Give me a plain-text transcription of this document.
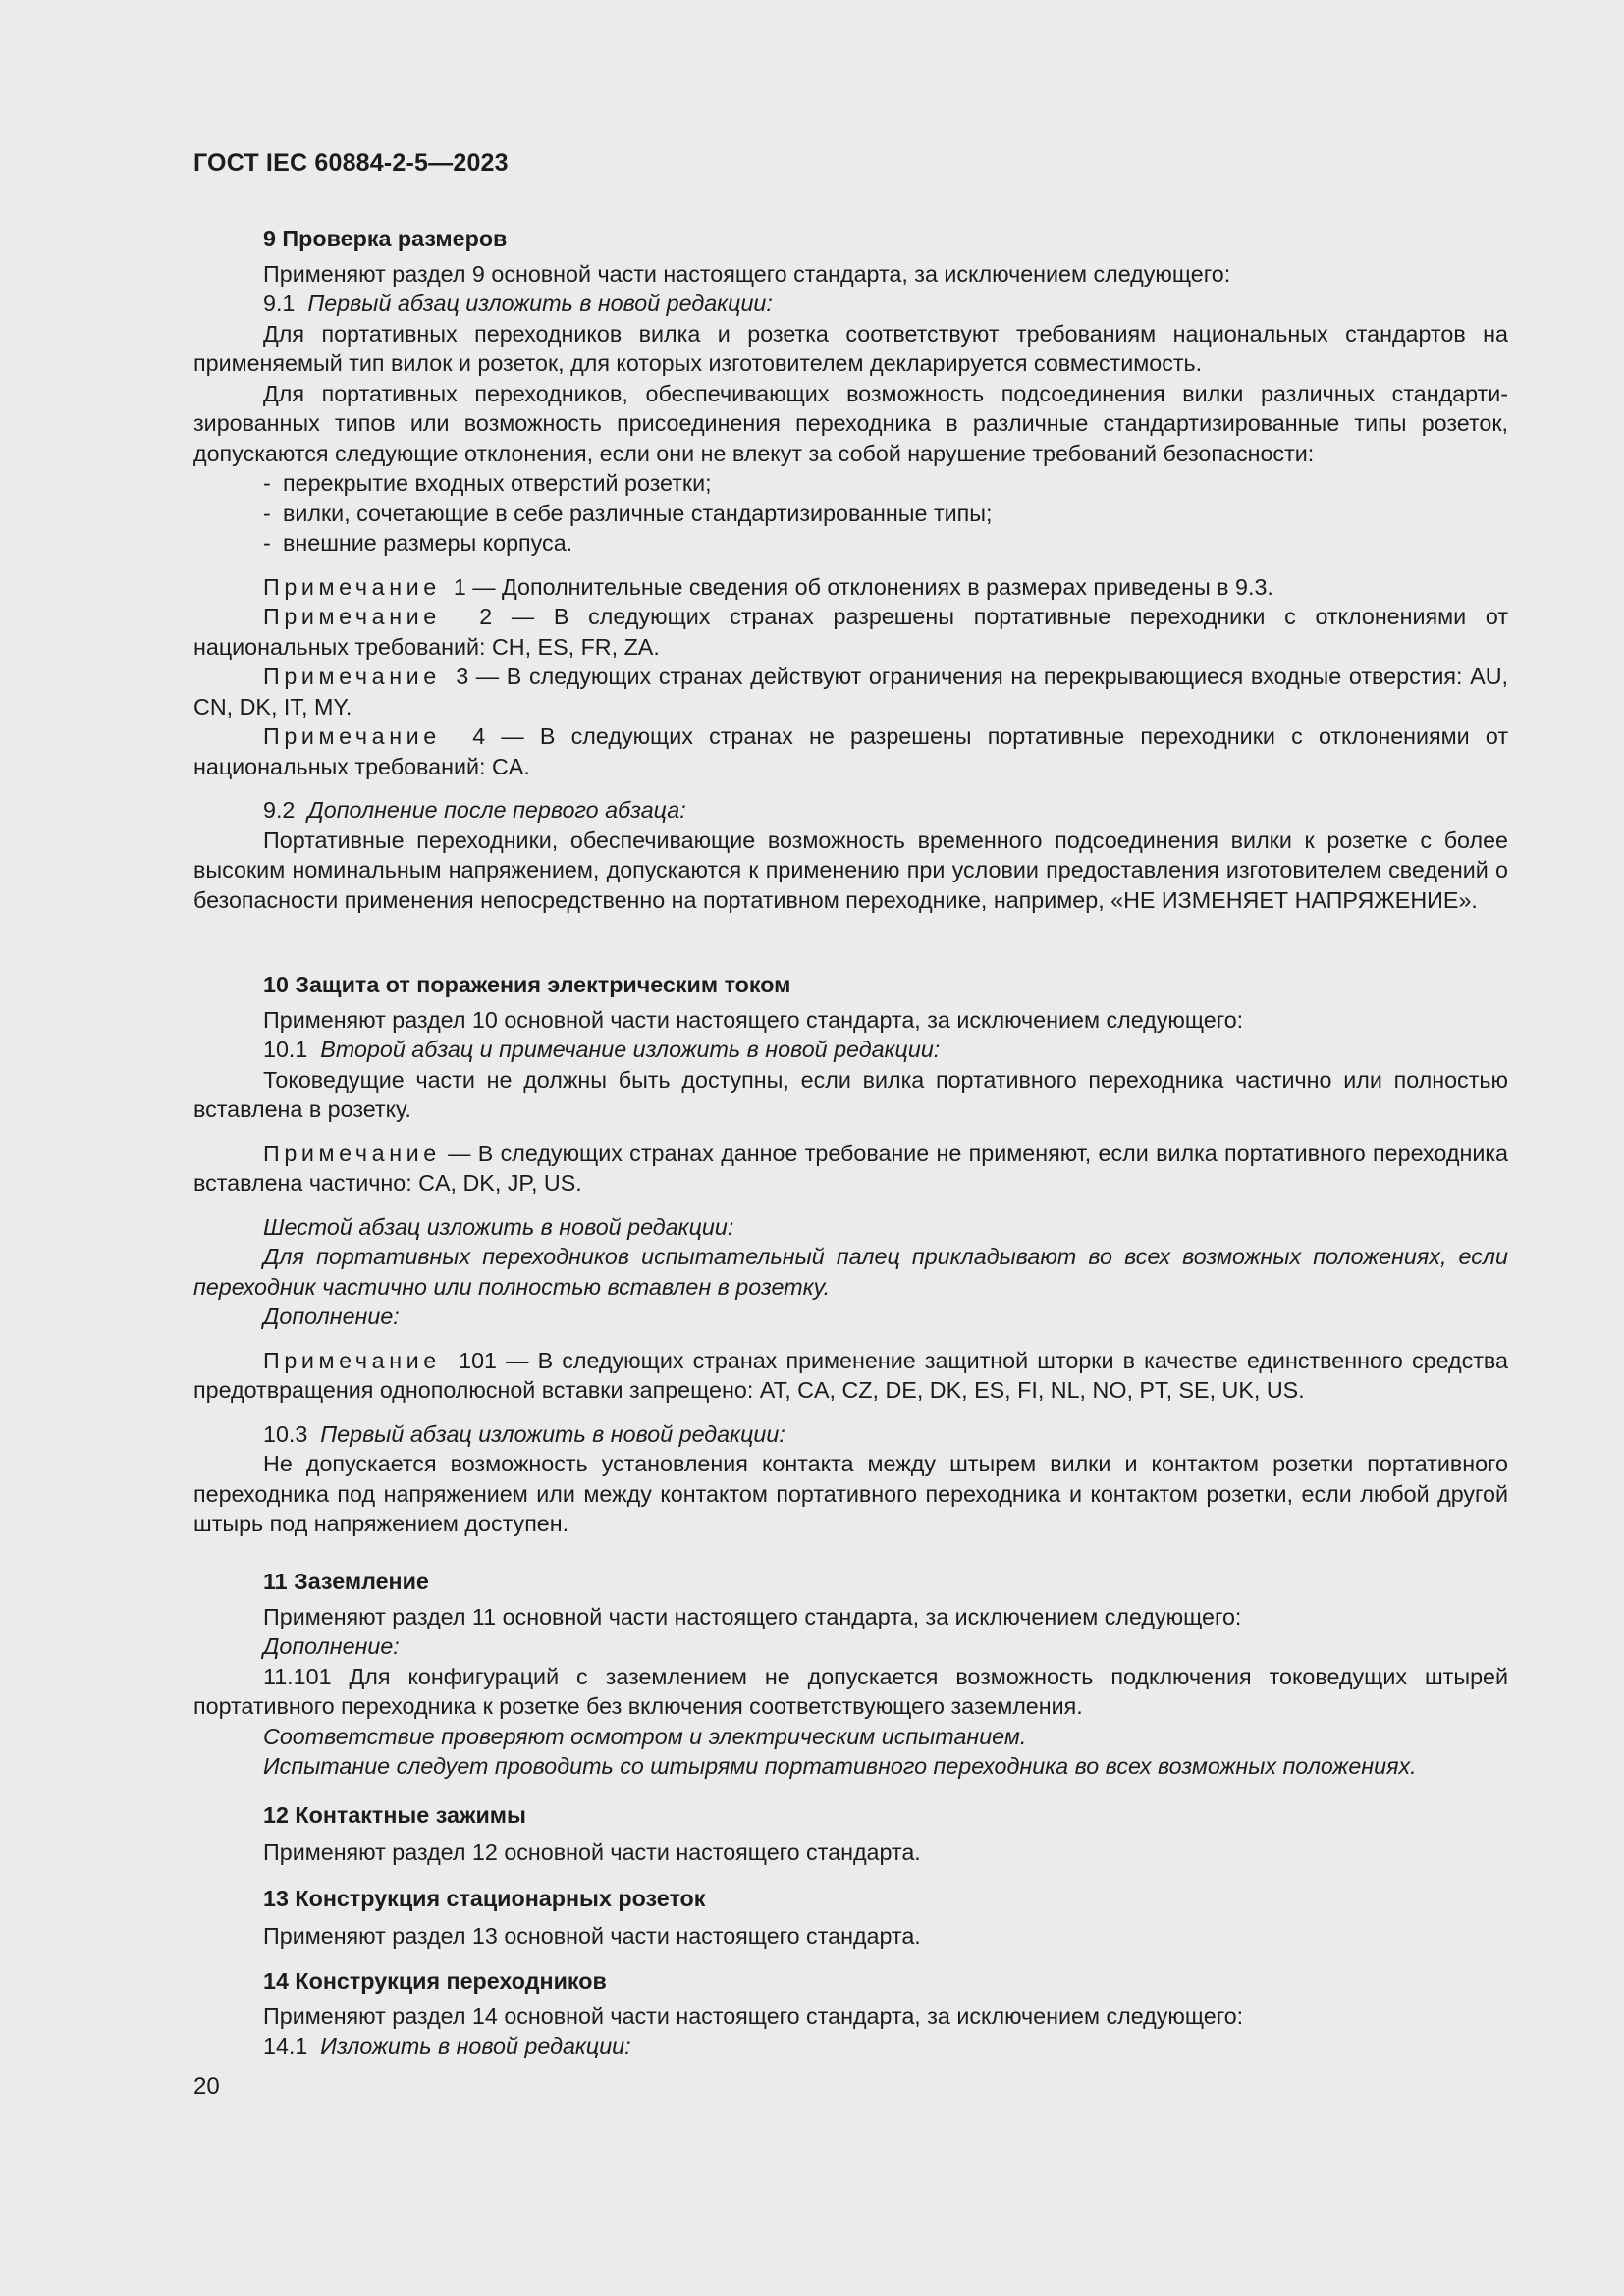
ГОСТ IEC 60884-2-5—2023

9 Проверка размеров

Применяют раздел 9 основной части настоящего стандарта, за исключением следующего:

9.1 Первый абзац изложить в новой редакции:

Для портативных переходников вилка и розетка соответствуют требованиям национальных стандартов на применяемый тип вилок и розеток, для которых изготовителем декларируется совместимость.

Для портативных переходников, обеспечивающих возможность подсоединения вилки различных стандарти-зированных типов или возможность присоединения переходника в различные стандартизированные типы розеток, допускаются следующие отклонения, если они не влекут за собой нарушение требований безопасности:

- перекрытие входных отверстий розетки;

- вилки, сочетающие в себе различные стандартизированные типы;

- внешние размеры корпуса.

Примечание 1 — Дополнительные сведения об отклонениях в размерах приведены в 9.3.

Примечание 2 — В следующих странах разрешены портативные переходники с отклонениями от национальных требований: CH, ES, FR, ZA.

Примечание 3 — В следующих странах действуют ограничения на перекрывающиеся входные отверстия: AU, CN, DK, IT, MY.

Примечание 4 — В следующих странах не разрешены портативные переходники с отклонениями от национальных требований: CA.

9.2 Дополнение после первого абзаца:

Портативные переходники, обеспечивающие возможность временного подсоединения вилки к розетке с более высоким номинальным напряжением, допускаются к применению при условии предоставления изготовителем сведений о безопасности применения непосредственно на портативном переходнике, например, «НЕ ИЗМЕНЯЕТ НАПРЯЖЕНИЕ».

10 Защита от поражения электрическим током

Применяют раздел 10 основной части настоящего стандарта, за исключением следующего:

10.1 Второй абзац и примечание изложить в новой редакции:

Токоведущие части не должны быть доступны, если вилка портативного переходника частично или полностью вставлена в розетку.

Примечание — В следующих странах данное требование не применяют, если вилка портативного переходника вставлена частично: CA, DK, JP, US.

Шестой абзац изложить в новой редакции:

Для портативных переходников испытательный палец прикладывают во всех возможных положениях, если переходник частично или полностью вставлен в розетку.

Дополнение:

Примечание 101 — В следующих странах применение защитной шторки в качестве единственного средства предотвращения однополюсной вставки запрещено: AT, CA, CZ, DE, DK, ES, FI, NL, NO, PT, SE, UK, US.

10.3 Первый абзац изложить в новой редакции:

Не допускается возможность установления контакта между штырем вилки и контактом розетки портативного переходника под напряжением или между контактом портативного переходника и контактом розетки, если любой другой штырь под напряжением доступен.

11 Заземление

Применяют раздел 11 основной части настоящего стандарта, за исключением следующего:

Дополнение:

11.101 Для конфигураций с заземлением не допускается возможность подключения токоведущих штырей портативного переходника к розетке без включения соответствующего заземления.

Соответствие проверяют осмотром и электрическим испытанием.

Испытание следует проводить со штырями портативного переходника во всех возможных положениях.

12 Контактные зажимы

Применяют раздел 12 основной части настоящего стандарта.

13 Конструкция стационарных розеток

Применяют раздел 13 основной части настоящего стандарта.

14 Конструкция переходников

Применяют раздел 14 основной части настоящего стандарта, за исключением следующего:

14.1 Изложить в новой редакции:

20
